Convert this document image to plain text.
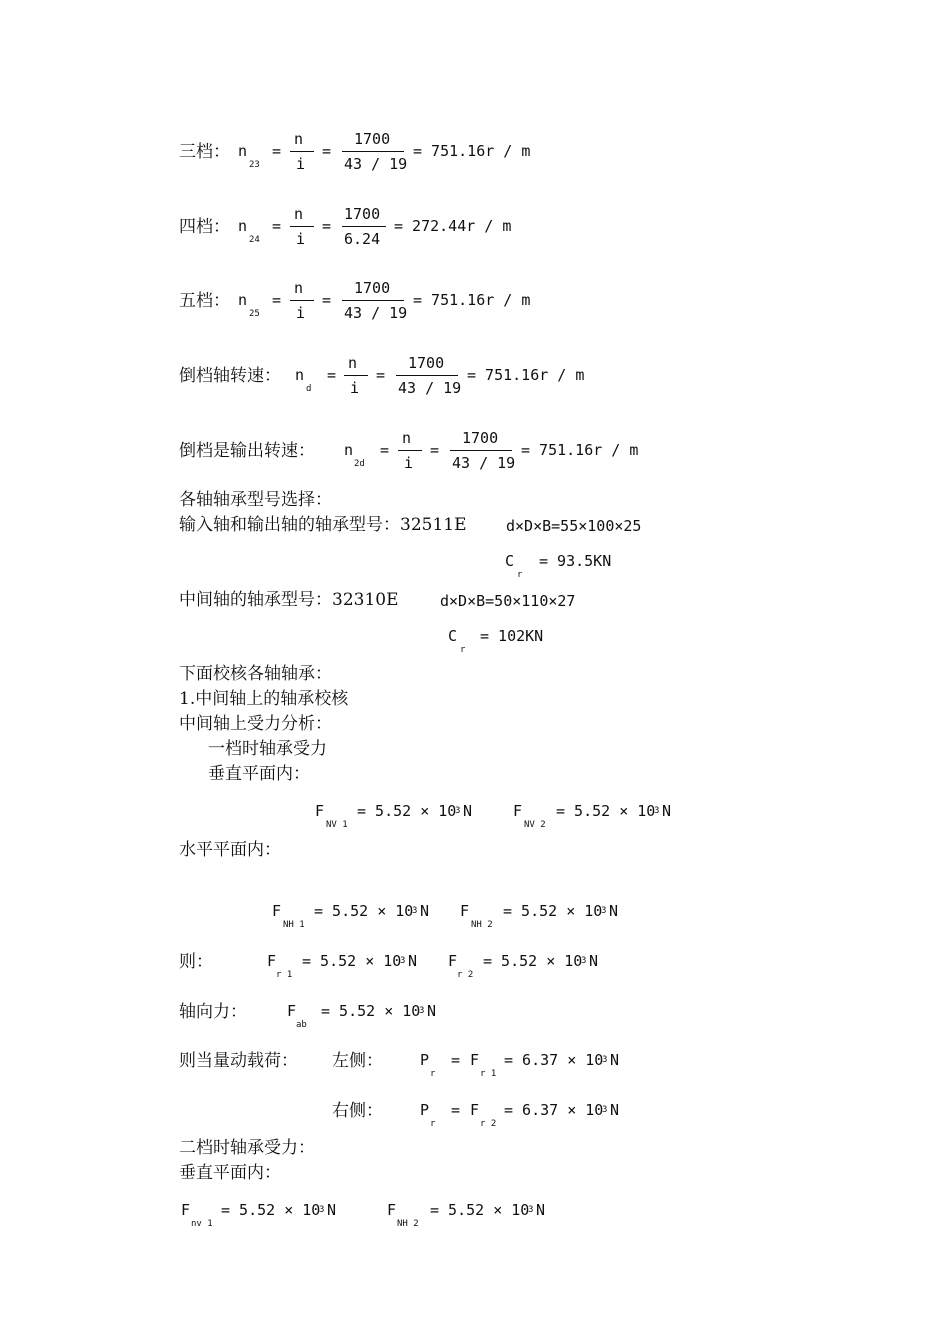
三档： n
23
=
n
i
=
1700
43 / 19
= 751.16r / m
四档： n
24
=
n
i
=
1700
6.24
= 272.44r / m
五档： n
25
=
n
i
=
1700
43 / 19
= 751.16r / m
倒档轴转速： n
d
=
n
i
=
1700
43 / 19
= 751.16r / m
倒档是输出转速： n
2d
=
n
i
=
1700
43 / 19
= 751.16r / m
各轴轴承型号选择：
输入轴和输出轴的轴承型号：32511E	d×D×B=55×100×25
C
r
= 93.5KN
中间轴的轴承型号：32310E	d×D×B=50×110×27
C
r
= 102KN
下面校核各轴轴承：
1.中间轴上的轴承校核
中间轴上受力分析：
一档时轴承受力
垂直平面内：
F
NV 1
= 5.52 × 10
3 N	F
NV 2
= 5.52 × 10
3 N
水平平面内：
F
NH 1
= 5.52 × 10
3 N F
NH 2
= 5.52 × 10
3 N
则：	F
r 1
= 5.52 × 10
3 N F
r 2
= 5.52 × 10
3 N
轴向力：	F
ab
= 5.52 × 10
3 N
则当量动载荷： 左侧： P
r
= F
r 1
= 6.37 × 10
3 N
右侧： P
r
= F
r 2
= 6.37 × 10
3 N
二档时轴承受力：
垂直平面内：
F
nv 1
= 5.52 × 10
3 N	F
NH 2
= 5.52 × 10
3 N
